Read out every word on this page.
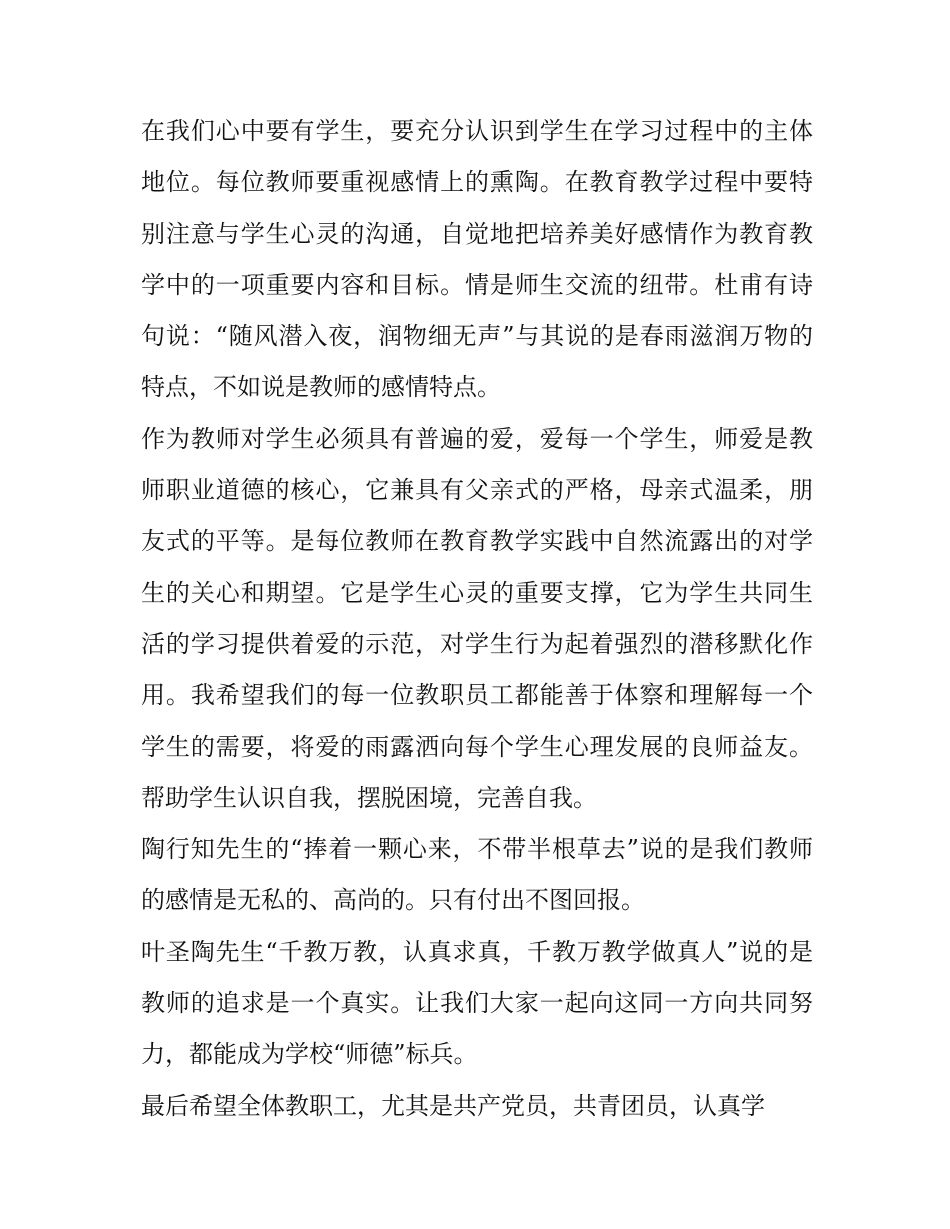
在我们心中要有学生，要充分认识到学生在学习过程中的主体
地位。每位教师要重视感情上的熏陶。在教育教学过程中要特
别注意与学生心灵的沟通，自觉地把培养美好感情作为教育教
学中的一项重要内容和目标。情是师生交流的纽带。杜甫有诗
句说：“随风潜入夜，润物细无声”与其说的是春雨滋润万物的
特点，不如说是教师的感情特点。
作为教师对学生必须具有普遍的爱，爱每一个学生，师爱是教
师职业道德的核心，它兼具有父亲式的严格，母亲式温柔，朋
友式的平等。是每位教师在教育教学实践中自然流露出的对学
生的关心和期望。它是学生心灵的重要支撑，它为学生共同生
活的学习提供着爱的示范，对学生行为起着强烈的潜移默化作
用。我希望我们的每一位教职员工都能善于体察和理解每一个
学生的需要，将爱的雨露洒向每个学生心理发展的良师益友。
帮助学生认识自我，摆脱困境，完善自我。
陶行知先生的“捧着一颗心来，不带半根草去”说的是我们教师
的感情是无私的、高尚的。只有付出不图回报。
叶圣陶先生“千教万教，认真求真，千教万教学做真人”说的是
教师的追求是一个真实。让我们大家一起向这同一方向共同努
力，都能成为学校“师德”标兵。
最后希望全体教职工，尤其是共产党员，共青团员，认真学
